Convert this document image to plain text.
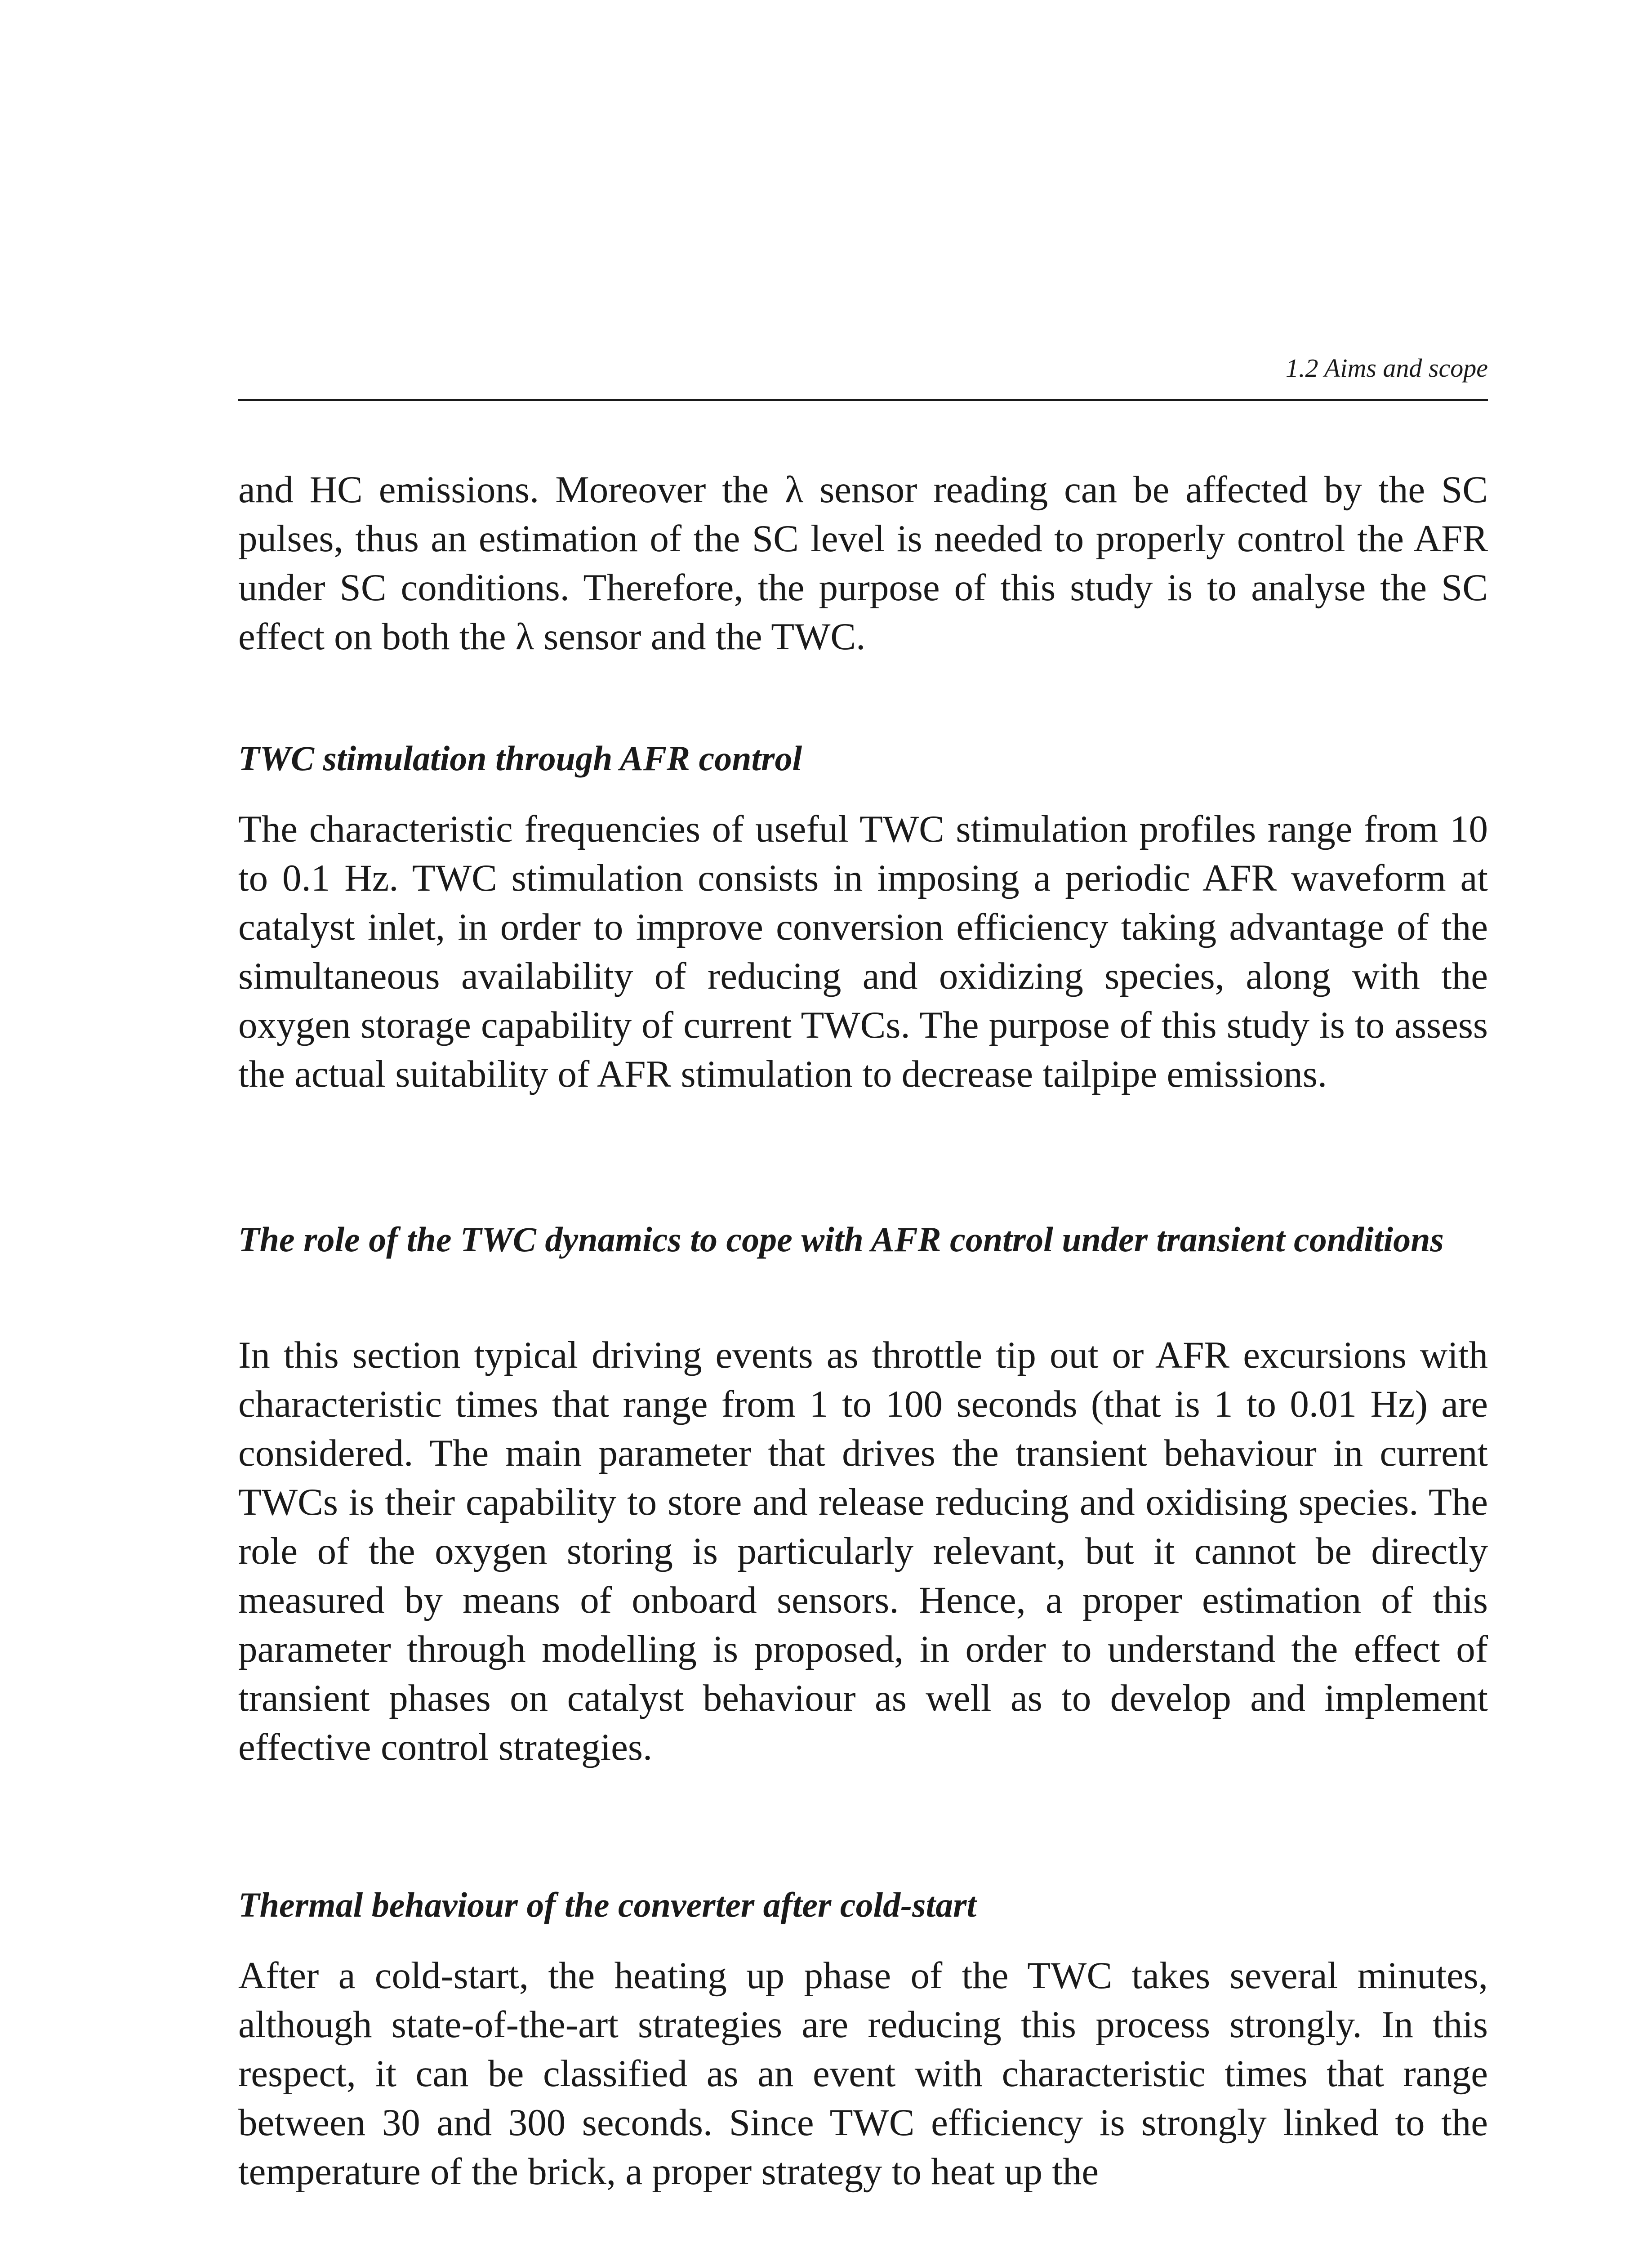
1.2 Aims and scope

and HC emissions. Moreover the λ sensor reading can be affected by the SC pulses, thus an estimation of the SC level is needed to properly control the AFR under SC conditions. Therefore, the purpose of this study is to analyse the SC effect on both the λ sensor and the TWC.

TWC stimulation through AFR control

The characteristic frequencies of useful TWC stimulation profiles range from 10 to 0.1 Hz. TWC stimulation consists in imposing a periodic AFR waveform at catalyst inlet, in order to improve conversion efficiency taking advantage of the simultaneous availability of reducing and oxidizing species, along with the oxygen storage capability of current TWCs. The purpose of this study is to assess the actual suitability of AFR stimulation to decrease tailpipe emissions.

The role of the TWC dynamics to cope with AFR control under transient conditions

In this section typical driving events as throttle tip out or AFR excursions with characteristic times that range from 1 to 100 seconds (that is 1 to 0.01 Hz) are considered. The main parameter that drives the transient behaviour in current TWCs is their capability to store and release reducing and oxidising species. The role of the oxygen storing is particularly relevant, but it cannot be directly measured by means of onboard sensors. Hence, a proper estimation of this parameter through modelling is proposed, in order to understand the effect of transient phases on catalyst behaviour as well as to develop and implement effective control strategies.

Thermal behaviour of the converter after cold-start

After a cold-start, the heating up phase of the TWC takes several minutes, although state-of-the-art strategies are reducing this process strongly. In this respect, it can be classified as an event with characteristic times that range between 30 and 300 seconds. Since TWC efficiency is strongly linked to the temperature of the brick, a proper strategy to heat up the
